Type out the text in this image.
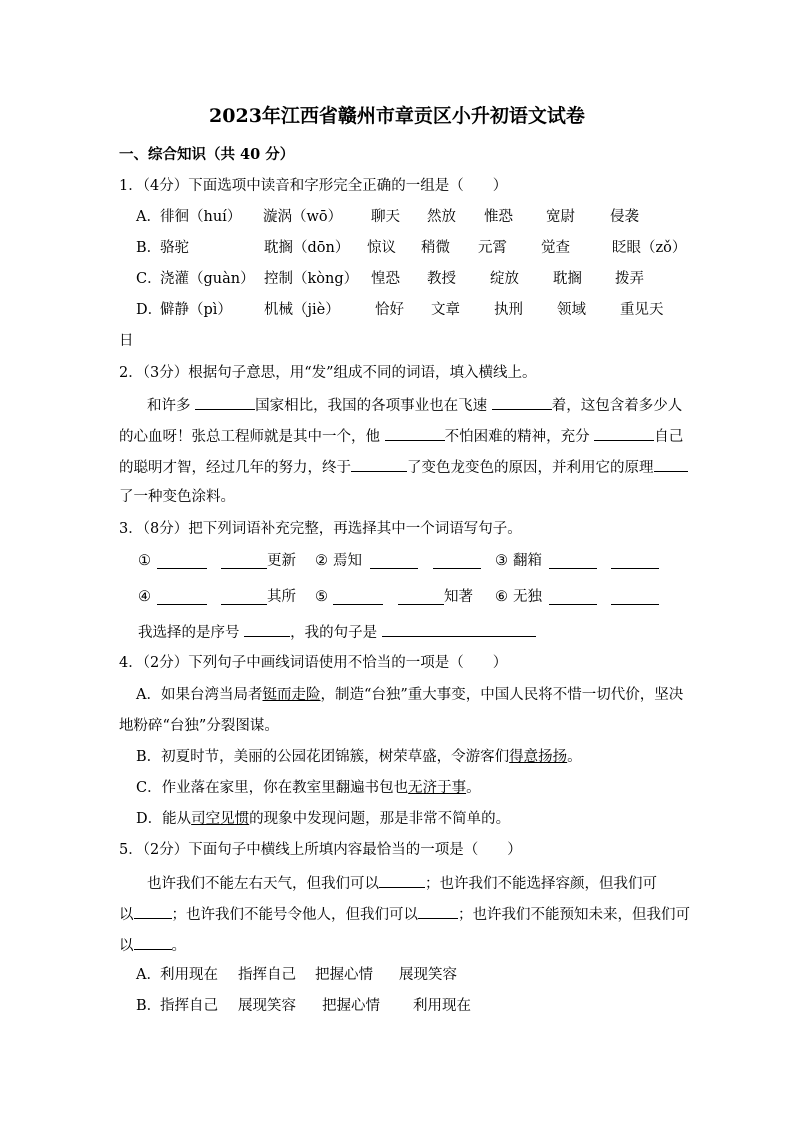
2023年江西省赣州市章贡区小升初语文试卷
一、综合知识（共 40 分）
1．（4分）下面选项中读音和字形完全正确的一组是（　　）
A． 徘徊（huí） 漩涡（wō） 聊天 然放 惟恐 宽尉 侵袭
B．
骆驼	耽搁（dōn） 惊议 稍微 元霄 觉查	眨眼（zǒ）
C．
浇灌（guàn） 控制（kòng） 惶恐 教授 绽放 耽搁 拨弄
D．
僻静（pì） 机械（jiè） 恰好 文章 执刑 领域 重见天
日
2．（3分）根据句子意思，用“发”组成不同的词语，填入横线上。
和许多	国家相比，我国的各项事业也在飞速	着，这包含着多少人
的心血呀！张总工程师就是其中一个，他	不怕困难的精神，充分	自己
的聪明才智，经过几年的努力，终于	了变色龙变色的原因，并利用它的原理
了一种变色涂料。
3．（8分）把下列词语补充完整，再选择其中一个词语写句子。
①	更新 ② 焉知	③ 翻箱
④	其所 ⑤	知著 ⑥ 无独
我选择的是序号	，我的句子是
4．（2分）下列句子中画线词语使用不恰当的一项是（　　）
A．如果台湾当局者铤而走险，制造“台独”重大事变，中国人民将不惜一切代价，坚决
地粉碎“台独”分裂图谋。
B．初夏时节，美丽的公园花团锦簇，树荣草盛，令游客们得意扬扬。
C．作业落在家里，你在教室里翻遍书包也无济于事。
D．能从司空见惯的现象中发现问题，那是非常不简单的。
5．（2分）下面句子中横线上所填内容最恰当的一项是（　　）
也许我们不能左右天气，但我们可以	；也许我们不能选择容颜，但我们可
以	；也许我们不能号令他人，但我们可以	；也许我们不能预知未来，但我们可
以	。
A． 利用现在 指挥自己 把握心情 展现笑容
B．
指挥自己 展现笑容 把握心情 利用现在
